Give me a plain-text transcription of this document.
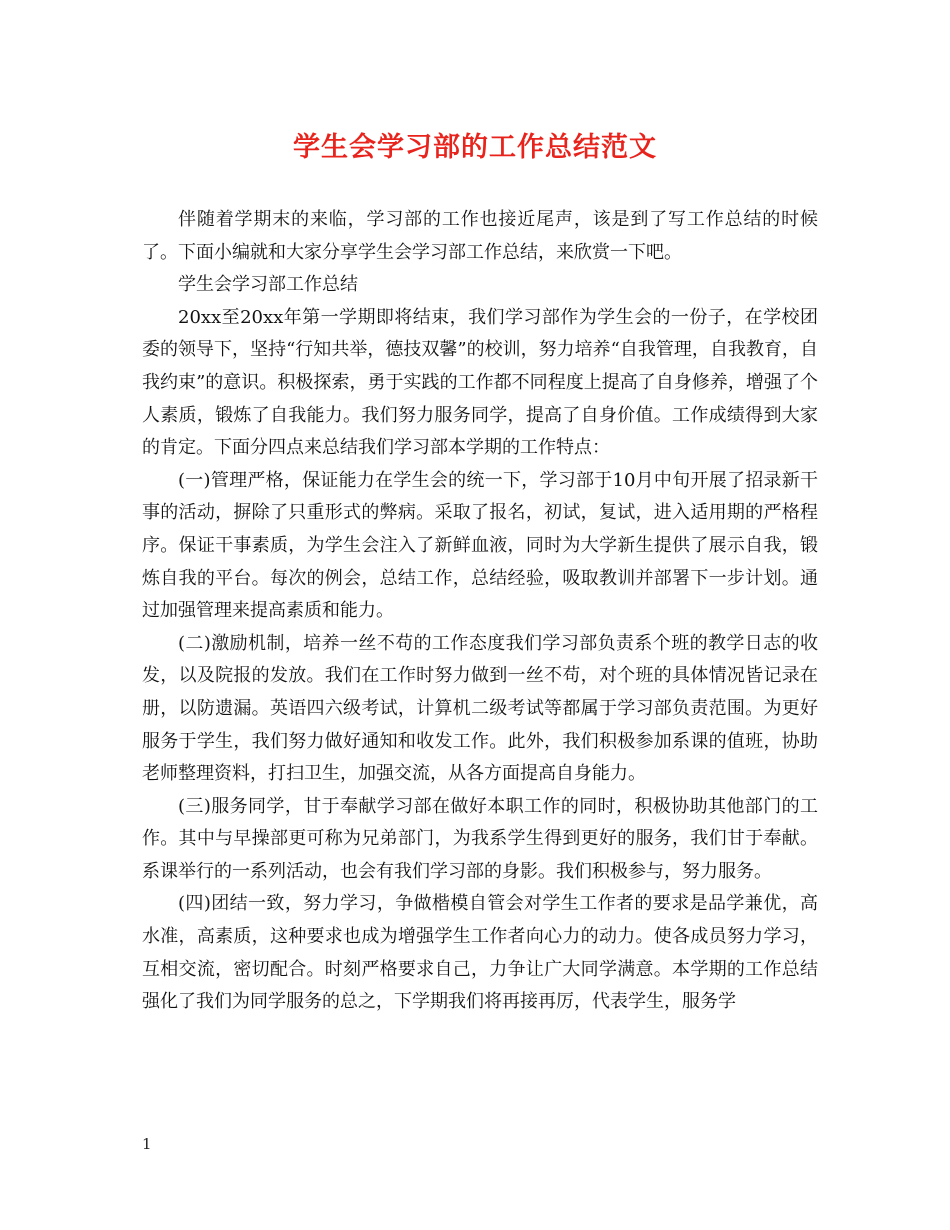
学生会学习部的工作总结范文

伴随着学期末的来临，学习部的工作也接近尾声，该是到了写工作总结的时候了。下面小编就和大家分享学生会学习部工作总结，来欣赏一下吧。

学生会学习部工作总结

20xx至20xx年第一学期即将结束，我们学习部作为学生会的一份子，在学校团委的领导下，坚持“行知共举，德技双馨”的校训，努力培养“自我管理，自我教育，自我约束”的意识。积极探索，勇于实践的工作都不同程度上提高了自身修养，增强了个人素质，锻炼了自我能力。我们努力服务同学，提高了自身价值。工作成绩得到大家的肯定。下面分四点来总结我们学习部本学期的工作特点：

(一)管理严格，保证能力在学生会的统一下，学习部于10月中旬开展了招录新干事的活动，摒除了只重形式的弊病。采取了报名，初试，复试，进入适用期的严格程序。保证干事素质，为学生会注入了新鲜血液，同时为大学新生提供了展示自我，锻炼自我的平台。每次的例会，总结工作，总结经验，吸取教训并部署下一步计划。通过加强管理来提高素质和能力。

(二)激励机制，培养一丝不苟的工作态度我们学习部负责系个班的教学日志的收发，以及院报的发放。我们在工作时努力做到一丝不苟，对个班的具体情况皆记录在册，以防遗漏。英语四六级考试，计算机二级考试等都属于学习部负责范围。为更好服务于学生，我们努力做好通知和收发工作。此外，我们积极参加系课的值班，协助老师整理资料，打扫卫生，加强交流，从各方面提高自身能力。

(三)服务同学，甘于奉献学习部在做好本职工作的同时，积极协助其他部门的工作。其中与早操部更可称为兄弟部门，为我系学生得到更好的服务，我们甘于奉献。系课举行的一系列活动，也会有我们学习部的身影。我们积极参与，努力服务。

(四)团结一致，努力学习，争做楷模自管会对学生工作者的要求是品学兼优，高水准，高素质，这种要求也成为增强学生工作者向心力的动力。使各成员努力学习，互相交流，密切配合。时刻严格要求自己，力争让广大同学满意。本学期的工作总结强化了我们为同学服务的总之，下学期我们将再接再厉，代表学生，服务学

1
